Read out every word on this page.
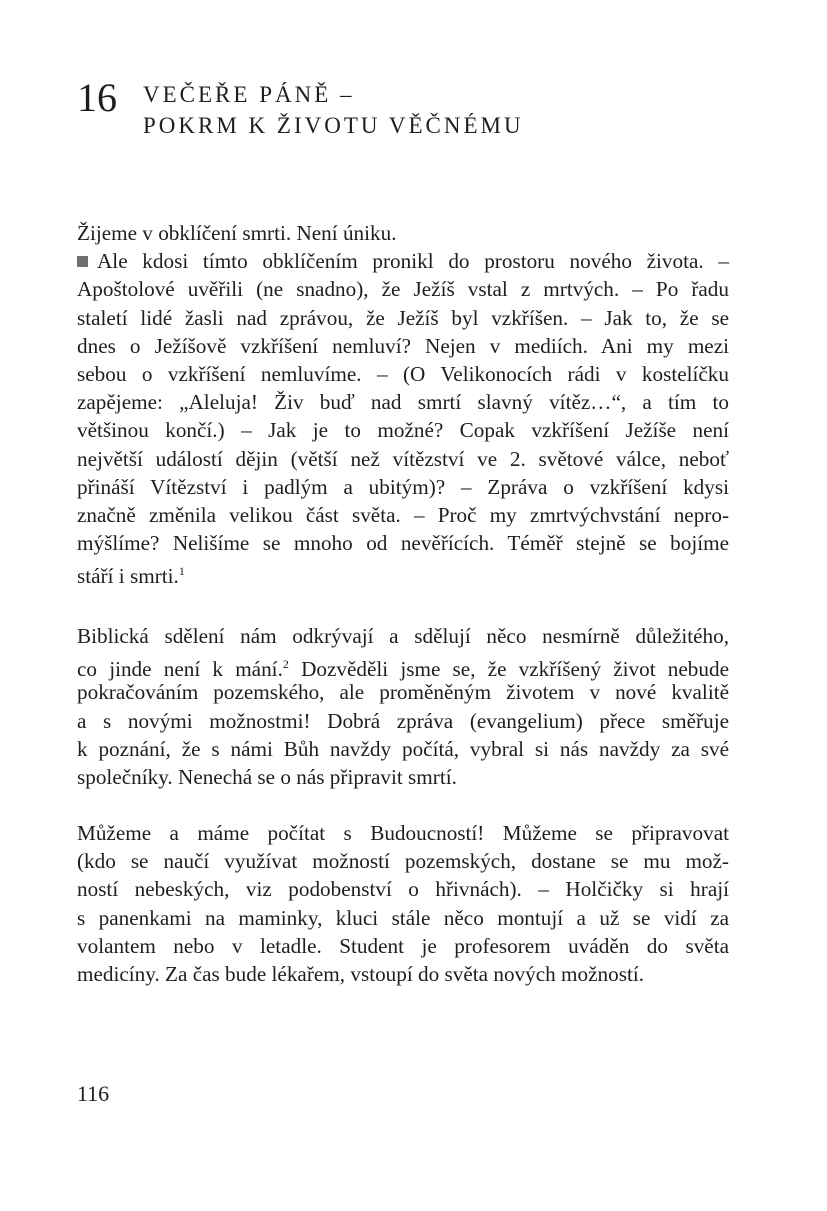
16 VEČEŘE PÁNĚ –
POKRM K ŽIVOTU VĚČNÉMU
Žijeme v obklíčení smrti. Není úniku.
Ale kdosi tímto obklíčením pronikl do prostoru nového života. –
Apoštolové uvěřili (ne snadno), že Ježíš vstal z mrtvých. – Po řadu
staletí lidé žasli nad zprávou, že Ježíš byl vzkříšen. – Jak to, že se
dnes o Ježíšově vzkříšení nemluví? Nejen v mediích. Ani my mezi
sebou o vzkříšení nemluvíme. – (O Velikonocích rádi v kostelíčku
zapějeme: „Aleluja! Živ buď nad smrtí slavný vítěz…“, a tím to
většinou končí.) – Jak je to možné? Copak vzkříšení Ježíše není
největší událostí dějin (větší než vítězství ve 2. světové válce, neboť
přináší Vítězství i padlým a ubitým)? – Zpráva o vzkříšení kdysi
značně změnila velikou část světa. – Proč my zmrtvýchvstání nepro-
mýšlíme? Nelišíme se mnoho od nevěřících. Téměř stejně se bojíme
stáří i smrti.$^1$
Biblická sdělení nám odkrývají a sdělují něco nesmírně důležitého,
co jinde není k mání.$^2$ Dozvěděli jsme se, že vzkříšený život nebude
pokračováním pozemského, ale proměněným životem v nové kvalitě
a s novými možnostmi! Dobrá zpráva (evangelium) přece směřuje
k poznání, že s námi Bůh navždy počítá, vybral si nás navždy za své
společníky. Nenechá se o nás připravit smrtí.
Můžeme a máme počítat s Budoucností! Můžeme se připravovat
(kdo se naučí využívat možností pozemských, dostane se mu mož-
ností nebeských, viz podobenství o hřivnách). – Holčičky si hrají
s panenkami na maminky, kluci stále něco montují a už se vidí za
volantem nebo v letadle. Student je profesorem uváděn do světa
medicíny. Za čas bude lékařem, vstoupí do světa nových možností.
116
